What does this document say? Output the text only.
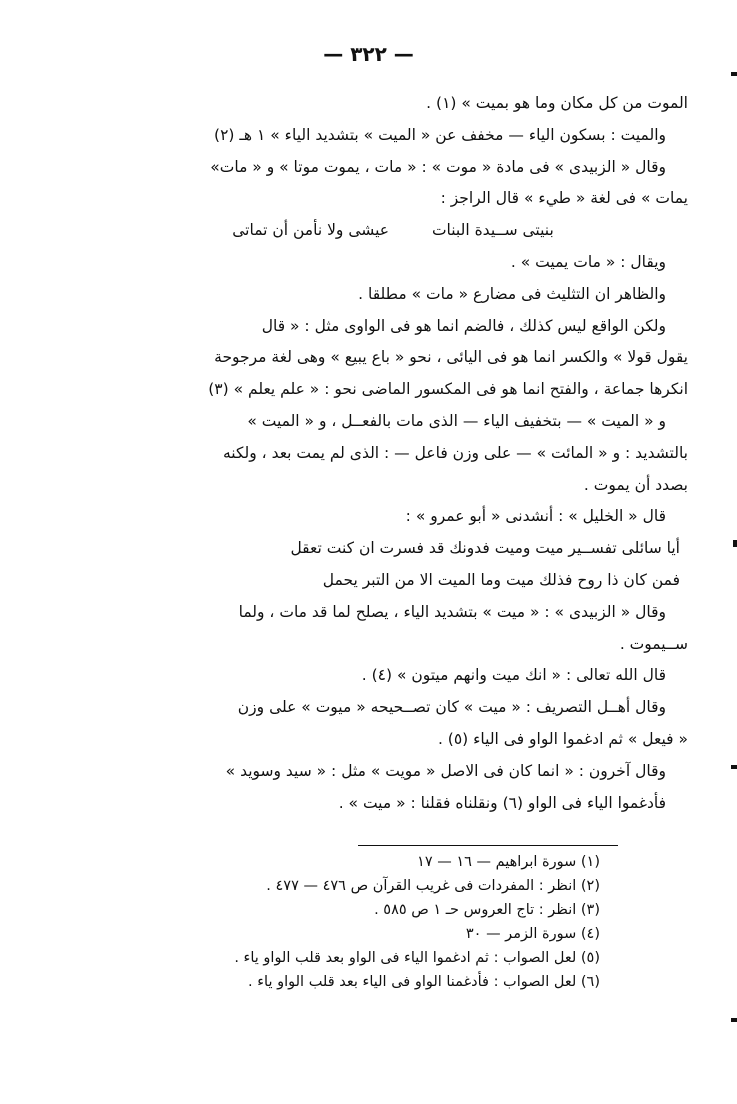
— ٣٢٢ —
الموت من كل مكان وما هو بميت » (١) .
والميت : بسكون الياء — مخفف عن « الميت » بتشديد الياء » ١ هـ (٢)
وقال « الزبيدى » فى مادة « موت » : « مات ، يموت موتا » و « مات»
يمات » فى لغة « طيء » قال الراجز :
بنيتى ســيدة البنات عيشى ولا نأمن أن تماتى
ويقال : « مات يميت » .
والظاهر ان التثليث فى مضارع « مات » مطلقا .
ولكن الواقع ليس كذلك ، فالضم انما هو فى الواوى مثل : « قال
يقول قولا » والكسر انما هو فى اليائى ، نحو « باع يبيع » وهى لغة مرجوحة
انكرها جماعة ، والفتح انما هو فى المكسور الماضى نحو : « علم يعلم » (٣)
و « الميت » — بتخفيف الياء — الذى مات بالفعــل ، و « الميت »
بالتشديد : و « المائت » — على وزن فاعل — : الذى لم يمت بعد ، ولكنه
بصدد أن يموت .
قال « الخليل » : أنشدنى « أبو عمرو » :
أيا سائلى تفســير ميت وميت فدونك قد فسرت ان كنت تعقل
فمن كان ذا روح فذلك ميت وما الميت الا من التبر يحمل
وقال « الزبيدى » : « ميت » بتشديد الياء ، يصلح لما قد مات ، ولما
ســيموت .
قال الله تعالى : « انك ميت وانهم ميتون » (٤) .
وقال أهــل التصريف : « ميت » كان تصــحيحه « ميوت » على وزن
« فيعل » ثم ادغموا الواو فى الياء (٥) .
وقال آخرون : « انما كان فى الاصل « مويت » مثل : « سيد وسويد »
فأدغموا الياء فى الواو (٦) ونقلناه فقلنا : « ميت » .
(١) سورة ابراهيم — ١٦ — ١٧
(٢) انظر : المفردات فى غريب القرآن ص ٤٧٦ — ٤٧٧ .
(٣) انظر : تاج العروس حـ ١ ص ٥٨٥ .
(٤) سورة الزمر — ٣٠
(٥) لعل الصواب : ثم ادغموا الياء فى الواو بعد قلب الواو ياء .
(٦) لعل الصواب : فأدغمنا الواو فى الياء بعد قلب الواو ياء .
